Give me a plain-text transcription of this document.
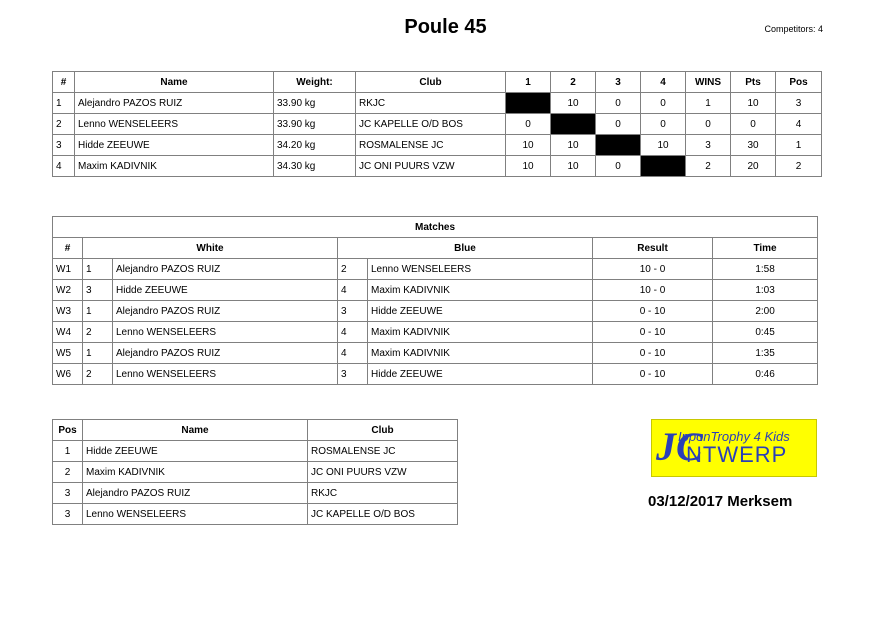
Poule 45	Competitors: 4
#	Name	Weight:	Club	1	2	3	4	WINS	Pts	Pos
1	Alejandro PAZOS RUIZ	33.90 kg	RKJC		10	0	0	1	10	3
2	Lenno WENSELEERS	33.90 kg	JC KAPELLE O/D BOS	0		0	0	0	0	4
3	Hidde ZEEUWE	34.20 kg	ROSMALENSE JC	10	10		10	3	30	1
4	Maxim KADIVNIK	34.30 kg	JC ONI PUURS VZW	10	10	0		2	20	2
Matches						
#	White		Blue		Result	Time
W1	1	Alejandro PAZOS RUIZ	2	Lenno WENSELEERS	10 - 0	1:58
W2	3	Hidde ZEEUWE	4	Maxim KADIVNIK	10 - 0	1:03
W3	1	Alejandro PAZOS RUIZ	3	Hidde ZEEUWE	0 - 10	2:00
W4	2	Lenno WENSELEERS	4	Maxim KADIVNIK	0 - 10	0:45
W5	1	Alejandro PAZOS RUIZ	4	Maxim KADIVNIK	0 - 10	1:35
W6	2	Lenno WENSELEERS	3	Hidde ZEEUWE	0 - 10	0:46
Pos	Name	Club
1	Hidde ZEEUWE	ROSMALENSE JC
2	Maxim KADIVNIK	JC ONI PUURS VZW
3	Alejandro PAZOS RUIZ	RKJC
3	Lenno WENSELEERS	JC KAPELLE O/D BOS
JC
IpponTrophy 4 Kids
NTWERP
03/12/2017 Merksem
